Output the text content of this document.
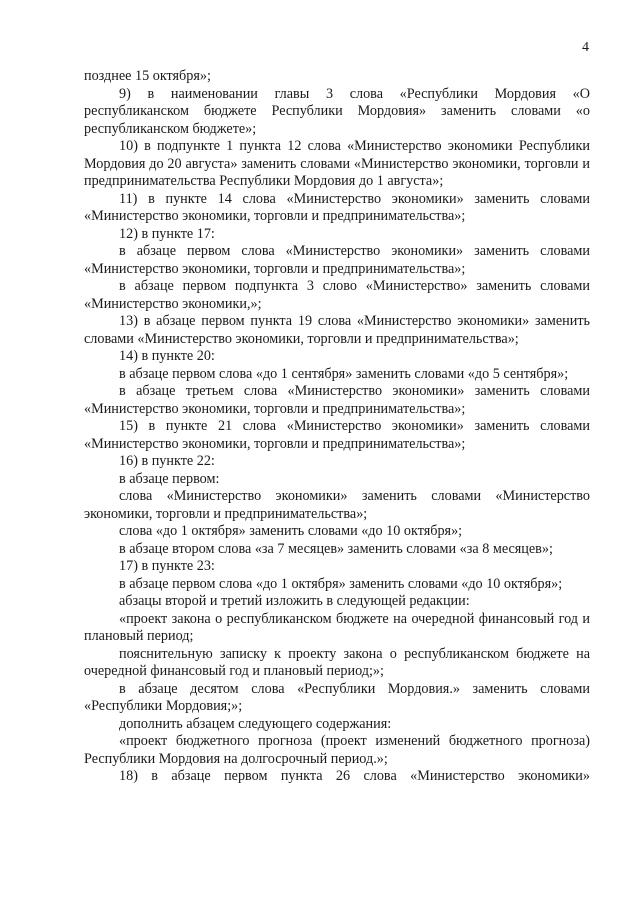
4

позднее 15 октября»;

9) в наименовании главы 3 слова «Республики Мордовия «О республиканском бюджете Республики Мордовия» заменить словами «о республиканском бюджете»;

10) в подпункте 1 пункта 12 слова «Министерство экономики Республики Мордовия до 20 августа» заменить словами «Министерство экономики, торговли и предпринимательства Республики Мордовия до 1 августа»;

11) в пункте 14 слова «Министерство экономики» заменить словами «Министерство экономики, торговли и предпринимательства»;

12) в пункте 17:

в абзаце первом слова «Министерство экономики» заменить словами «Министерство экономики, торговли и предпринимательства»;

в абзаце первом подпункта 3 слово «Министерство» заменить словами «Министерство экономики,»;

13) в абзаце первом пункта 19 слова «Министерство экономики» заменить словами «Министерство экономики, торговли и предпринимательства»;

14) в пункте 20:

в абзаце первом слова «до 1 сентября» заменить словами «до 5 сентября»;

в абзаце третьем слова «Министерство экономики» заменить словами «Министерство экономики, торговли и предпринимательства»;

15) в пункте 21 слова «Министерство экономики» заменить словами «Министерство экономики, торговли и предпринимательства»;

16) в пункте 22:

в абзаце первом:

слова «Министерство экономики» заменить словами «Министерство экономики, торговли и предпринимательства»;

слова «до 1 октября» заменить словами «до 10 октября»;

в абзаце втором слова «за 7 месяцев» заменить словами «за 8 месяцев»;

17) в пункте 23:

в абзаце первом слова «до 1 октября» заменить словами «до 10 октября»;

абзацы второй и третий изложить в следующей редакции:

«проект закона о республиканском бюджете на очередной финансовый год и плановый период;

пояснительную записку к проекту закона о республиканском бюджете на очередной финансовый год и плановый период;»;

в абзаце десятом слова «Республики Мордовия.» заменить словами «Республики Мордовия;»;

дополнить абзацем следующего содержания:

«проект бюджетного прогноза (проект изменений бюджетного прогноза) Республики Мордовия на долгосрочный период.»;

18) в абзаце первом пункта 26 слова «Министерство экономики»
